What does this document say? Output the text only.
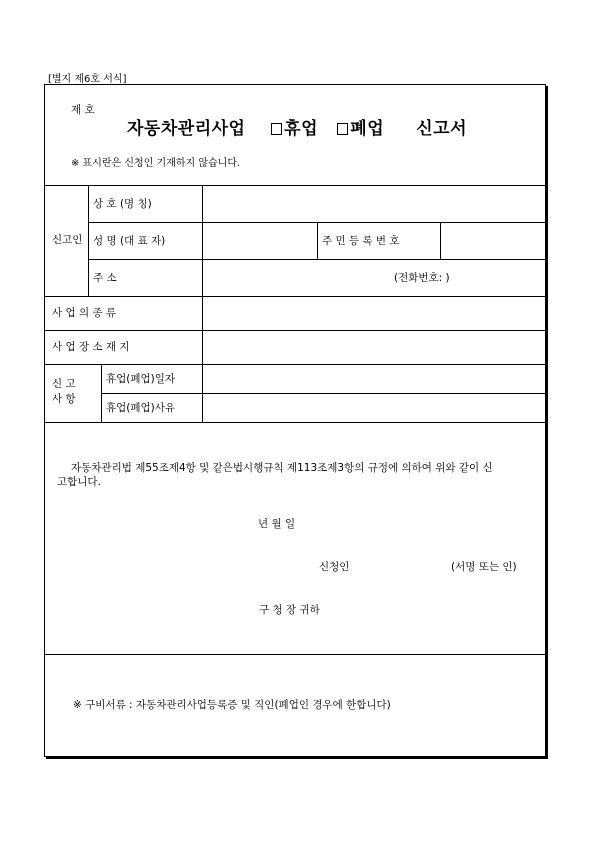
[별지 제6호 서식]
제 호
자동차관리사업 휴업 폐업 신고서
※ 표시란은 신청인 기재하지 않습니다.
신고인
상 호 (명 칭)
성 명 (대 표 자)	주 민 등 록 번 호
주 소	(전화번호: )
사 업 의 종 류
사 업 장 소 재 지
신 고
사 항
휴업(폐업)일자
휴업(폐업)사유
자동차관리법 제55조제4항 및 같은법시행규칙 제113조제3항의 규정에 의하여 위와 같이 신
고합니다.
년 월 일
신청인	(서명 또는 인)
구 청 장 귀하
※ 구비서류 : 자동차관리사업등록증 및 직인(폐업인 경우에 한합니다)
